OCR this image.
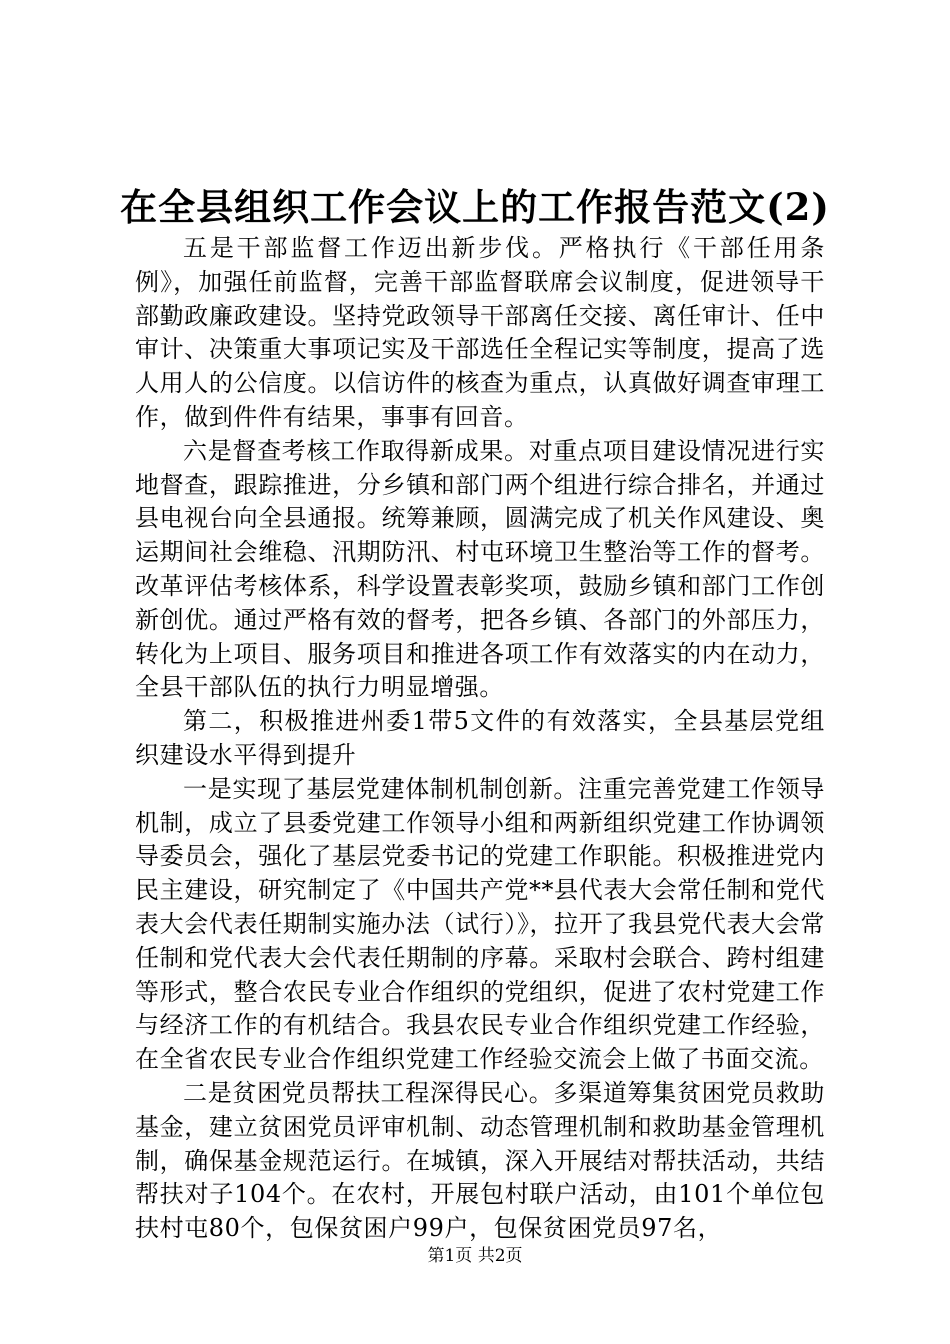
在全县组织工作会议上的工作报告范文(2)

五是干部监督工作迈出新步伐。严格执行《干部任用条例》，加强任前监督，完善干部监督联席会议制度，促进领导干部勤政廉政建设。坚持党政领导干部离任交接、离任审计、任中审计、决策重大事项记实及干部选任全程记实等制度，提高了选人用人的公信度。以信访件的核查为重点，认真做好调查审理工作，做到件件有结果，事事有回音。

六是督查考核工作取得新成果。对重点项目建设情况进行实地督查，跟踪推进，分乡镇和部门两个组进行综合排名，并通过县电视台向全县通报。统筹兼顾，圆满完成了机关作风建设、奥运期间社会维稳、汛期防汛、村屯环境卫生整治等工作的督考。改革评估考核体系，科学设置表彰奖项，鼓励乡镇和部门工作创新创优。通过严格有效的督考，把各乡镇、各部门的外部压力，转化为上项目、服务项目和推进各项工作有效落实的内在动力，全县干部队伍的执行力明显增强。

第二，积极推进州委1带5文件的有效落实，全县基层党组织建设水平得到提升

一是实现了基层党建体制机制创新。注重完善党建工作领导机制，成立了县委党建工作领导小组和两新组织党建工作协调领导委员会，强化了基层党委书记的党建工作职能。积极推进党内民主建设，研究制定了《中国共产党**县代表大会常任制和党代表大会代表任期制实施办法（试行）》，拉开了我县党代表大会常任制和党代表大会代表任期制的序幕。采取村会联合、跨村组建等形式，整合农民专业合作组织的党组织，促进了农村党建工作与经济工作的有机结合。我县农民专业合作组织党建工作经验，在全省农民专业合作组织党建工作经验交流会上做了书面交流。

二是贫困党员帮扶工程深得民心。多渠道筹集贫困党员救助基金，建立贫困党员评审机制、动态管理机制和救助基金管理机制，确保基金规范运行。在城镇，深入开展结对帮扶活动，共结帮扶对子104个。在农村，开展包村联户活动，由101个单位包扶村屯80个，包保贫困户99户，包保贫困党员97名，

第1页 共2页
